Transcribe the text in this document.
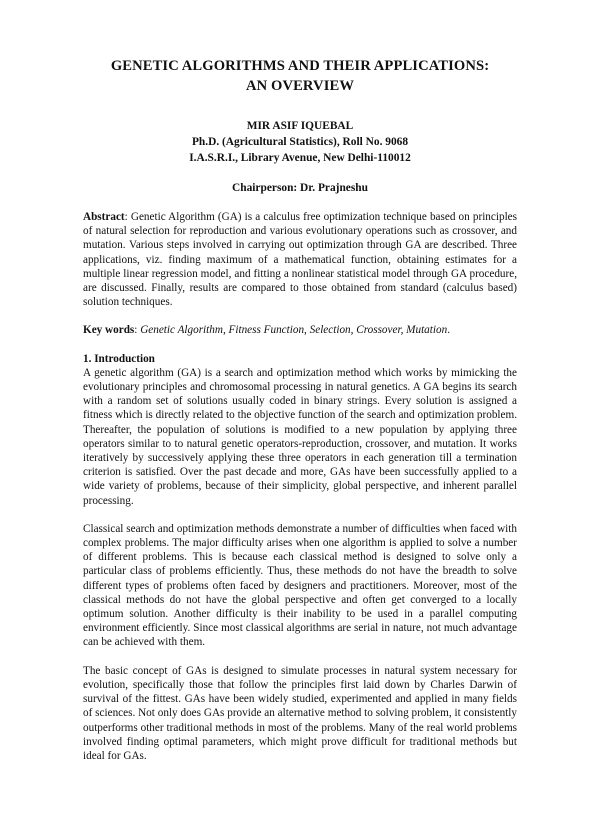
GENETIC ALGORITHMS AND THEIR APPLICATIONS:
AN OVERVIEW
MIR ASIF IQUEBAL
Ph.D. (Agricultural Statistics), Roll No. 9068
I.A.S.R.I., Library Avenue, New Delhi-110012
Chairperson: Dr. Prajneshu

Abstract: Genetic Algorithm (GA) is a calculus free optimization technique based on principles of natural selection for reproduction and various evolutionary operations such as crossover, and mutation. Various steps involved in carrying out optimization through GA are described. Three applications, viz. finding maximum of a mathematical function, obtaining estimates for a multiple linear regression model, and fitting a nonlinear statistical model through GA procedure, are discussed. Finally, results are compared to those obtained from standard (calculus based) solution techniques.

Key words: Genetic Algorithm, Fitness Function, Selection, Crossover, Mutation.

1. Introduction

A genetic algorithm (GA) is a search and optimization method which works by mimicking the evolutionary principles and chromosomal processing in natural genetics. A GA begins its search with a random set of solutions usually coded in binary strings. Every solution is assigned a fitness which is directly related to the objective function of the search and optimization problem. Thereafter, the population of solutions is modified to a new population by applying three operators similar to to natural genetic operators-reproduction, crossover, and mutation. It works iteratively by successively applying these three operators in each generation till a termination criterion is satisfied. Over the past decade and more, GAs have been successfully applied to a wide variety of problems, because of their simplicity, global perspective, and inherent parallel processing.

Classical search and optimization methods demonstrate a number of difficulties when faced with complex problems. The major difficulty arises when one algorithm is applied to solve a number of different problems. This is because each classical method is designed to solve only a particular class of problems efficiently. Thus, these methods do not have the breadth to solve different types of problems often faced by designers and practitioners. Moreover, most of the classical methods do not have the global perspective and often get converged to a locally optimum solution. Another difficulty is their inability to be used in a parallel computing environment efficiently. Since most classical algorithms are serial in nature, not much advantage can be achieved with them.

The basic concept of GAs is designed to simulate processes in natural system necessary for evolution, specifically those that follow the principles first laid down by Charles Darwin of survival of the fittest. GAs have been widely studied, experimented and applied in many fields of sciences. Not only does GAs provide an alternative method to solving problem, it consistently outperforms other traditional methods in most of the problems. Many of the real world problems involved finding optimal parameters, which might prove difficult for traditional methods but ideal for GAs.
